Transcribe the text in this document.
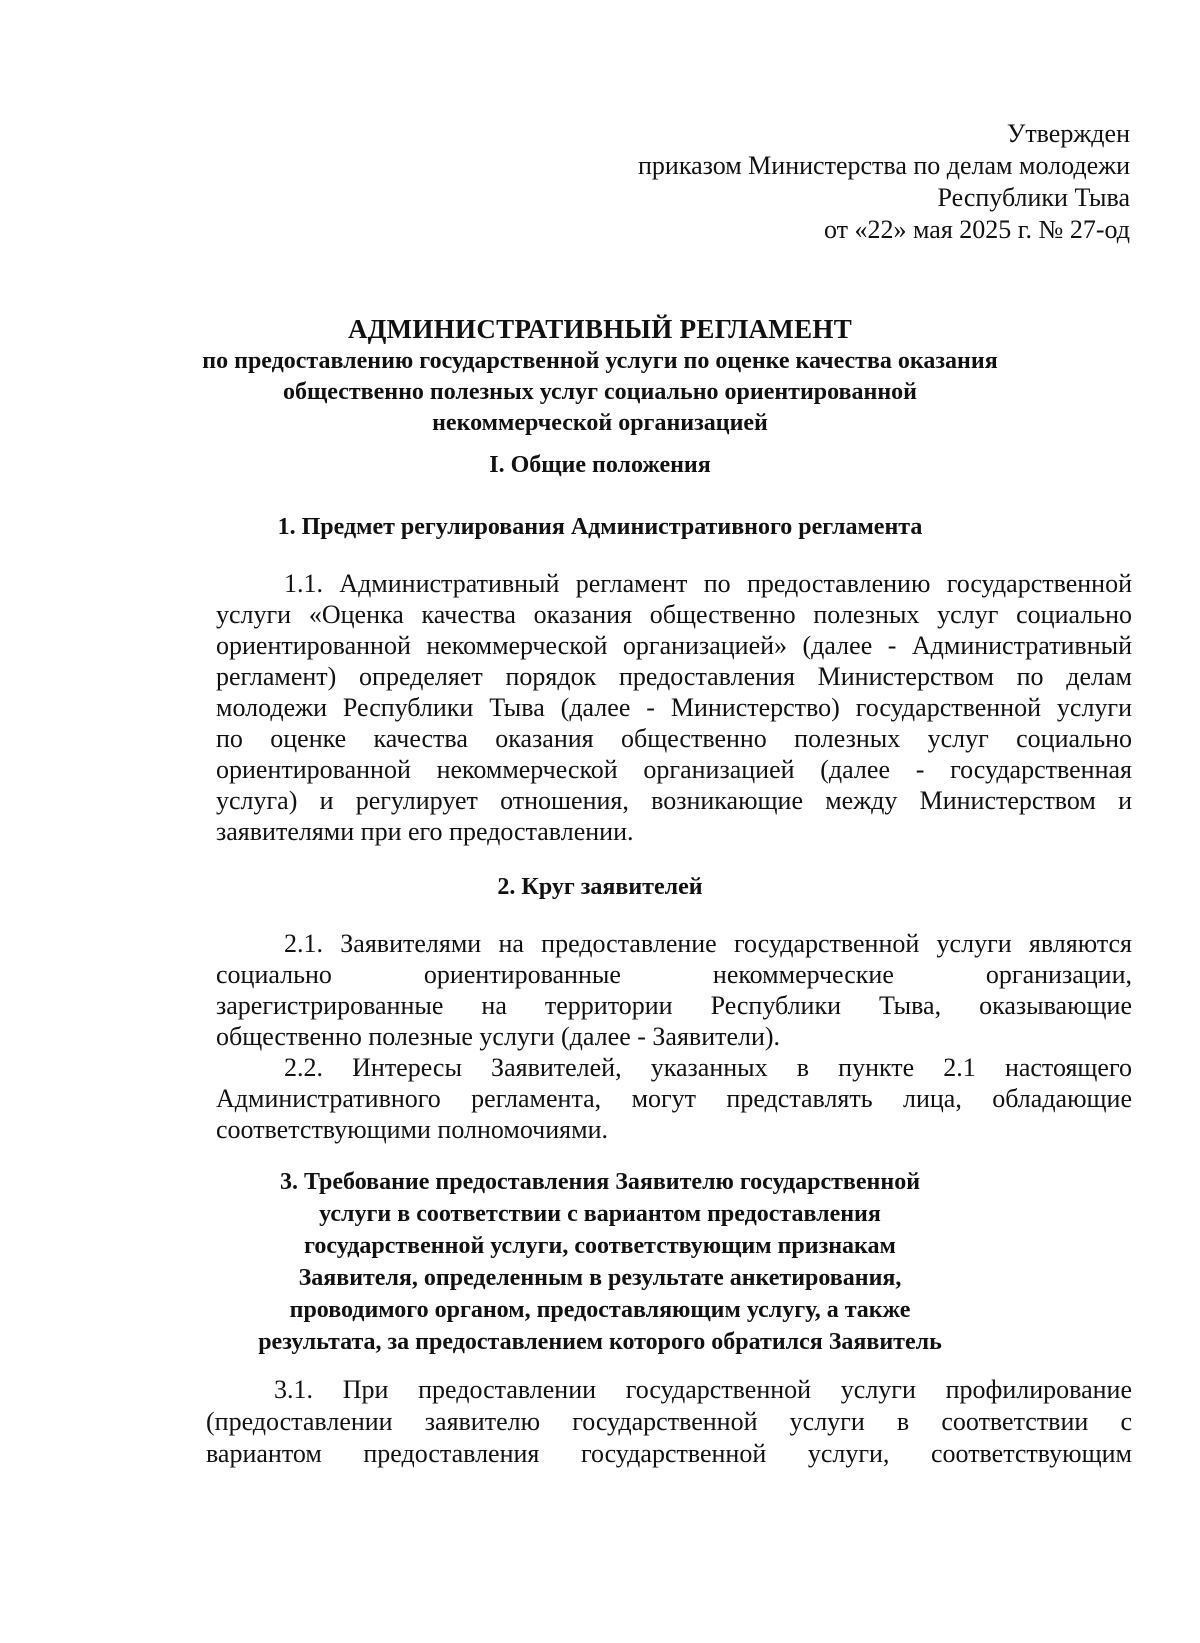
Утвержден
приказом Министерства по делам молодежи
Республики Тыва
от «22» мая 2025 г. № 27-од
АДМИНИСТРАТИВНЫЙ РЕГЛАМЕНТ
по предоставлению государственной услуги по оценке качества оказания
общественно полезных услуг социально ориентированной
некоммерческой организацией
I. Общие положения
1. Предмет регулирования Административного регламента
1.1. Административный регламент по предоставлению государственной
услуги «Оценка качества оказания общественно полезных услуг социально
ориентированной некоммерческой организацией» (далее - Административный
регламент) определяет порядок предоставления Министерством по делам
молодежи Республики Тыва (далее - Министерство) государственной услуги
по оценке качества оказания общественно полезных услуг социально
ориентированной некоммерческой организацией (далее - государственная
услуга) и регулирует отношения, возникающие между Министерством и
заявителями при его предоставлении.
2. Круг заявителей
2.1. Заявителями на предоставление государственной услуги являются
социально ориентированные некоммерческие организации,
зарегистрированные на территории Республики Тыва, оказывающие
общественно полезные услуги (далее - Заявители).
2.2. Интересы Заявителей, указанных в пункте 2.1 настоящего
Административного регламента, могут представлять лица, обладающие
соответствующими полномочиями.
3. Требование предоставления Заявителю государственной
услуги в соответствии с вариантом предоставления
государственной услуги, соответствующим признакам
Заявителя, определенным в результате анкетирования,
проводимого органом, предоставляющим услугу, а также
результата, за предоставлением которого обратился Заявитель
3.1. При предоставлении государственной услуги профилирование
(предоставлении заявителю государственной услуги в соответствии с
вариантом предоставления государственной услуги, соответствующим
